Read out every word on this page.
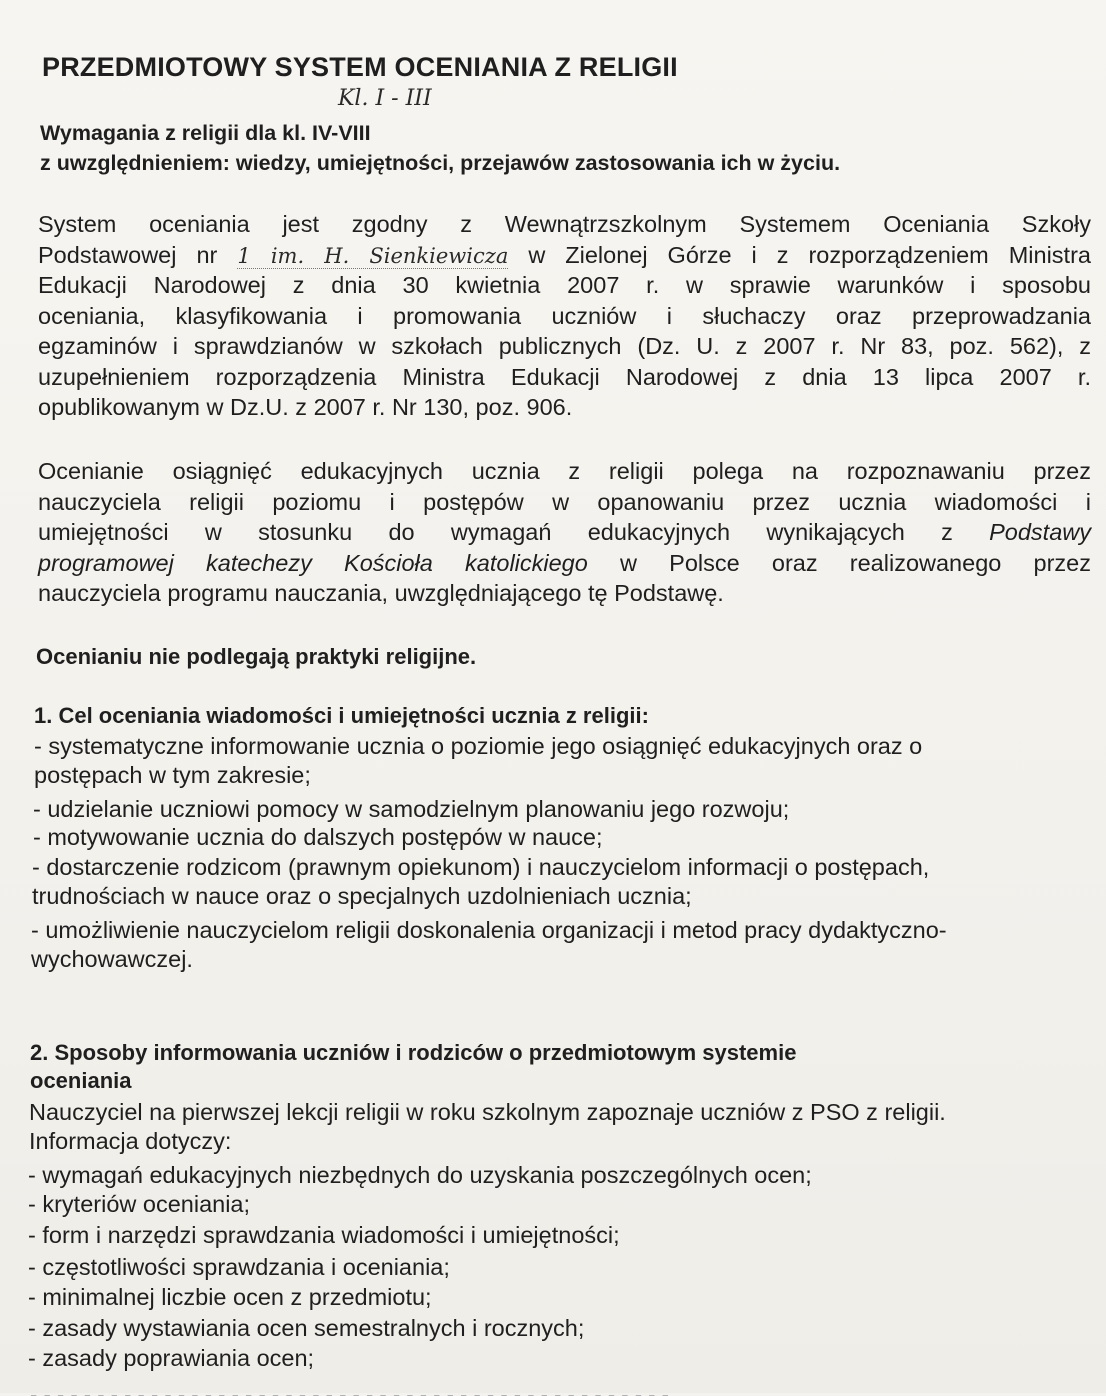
PRZEDMIOTOWY SYSTEM OCENIANIA Z RELIGII
Kl. I - III

Wymagania z religii dla kl. IV-VIII

z uwzględnieniem: wiedzy, umiejętności, przejawów zastosowania ich w życiu.

System oceniania jest zgodny z Wewnątrzszkolnym Systemem Oceniania Szkoły
Podstawowej nr 1 im. H. Sienkiewicza w Zielonej Górze i z rozporządzeniem Ministra
Edukacji Narodowej z dnia 30 kwietnia 2007 r. w sprawie warunków i sposobu
oceniania, klasyfikowania i promowania uczniów i słuchaczy oraz przeprowadzania
egzaminów i sprawdzianów w szkołach publicznych (Dz. U. z 2007 r. Nr 83, poz. 562), z
uzupełnieniem rozporządzenia Ministra Edukacji Narodowej z dnia 13 lipca 2007 r.
opublikowanym w Dz.U. z 2007 r. Nr 130, poz. 906.
Ocenianie osiągnięć edukacyjnych ucznia z religii polega na rozpoznawaniu przez
nauczyciela religii poziomu i postępów w opanowaniu przez ucznia wiadomości i
umiejętności w stosunku do wymagań edukacyjnych wynikających z Podstawy
programowej katechezy Kościoła katolickiego w Polsce oraz realizowanego przez
nauczyciela programu nauczania, uwzględniającego tę Podstawę.

Ocenianiu nie podlegają praktyki religijne.

1. Cel oceniania wiadomości i umiejętności ucznia z religii:

- systematyczne informowanie ucznia o poziomie jego osiągnięć edukacyjnych oraz o

postępach w tym zakresie;

- udzielanie uczniowi pomocy w samodzielnym planowaniu jego rozwoju;

- motywowanie ucznia do dalszych postępów w nauce;

- dostarczenie rodzicom (prawnym opiekunom) i nauczycielom informacji o postępach,

trudnościach w nauce oraz o specjalnych uzdolnieniach ucznia;

- umożliwienie nauczycielom religii doskonalenia organizacji i metod pracy dydaktyczno-

wychowawczej.

2. Sposoby informowania uczniów i rodziców o przedmiotowym systemie

oceniania

Nauczyciel na pierwszej lekcji religii w roku szkolnym zapoznaje uczniów z PSO z religii.

Informacja dotyczy:

- wymagań edukacyjnych niezbędnych do uzyskania poszczególnych ocen;

- kryteriów oceniania;

- form i narzędzi sprawdzania wiadomości i umiejętności;

- częstotliwości sprawdzania i oceniania;

- minimalnej liczbie ocen z przedmiotu;

- zasady wystawiania ocen semestralnych i rocznych;

- zasady poprawiania ocen;

- - - - - - - - - - - - - - - - - - - - - - - - - - - - - - - - - - - - - - - - - - - - - - - -
